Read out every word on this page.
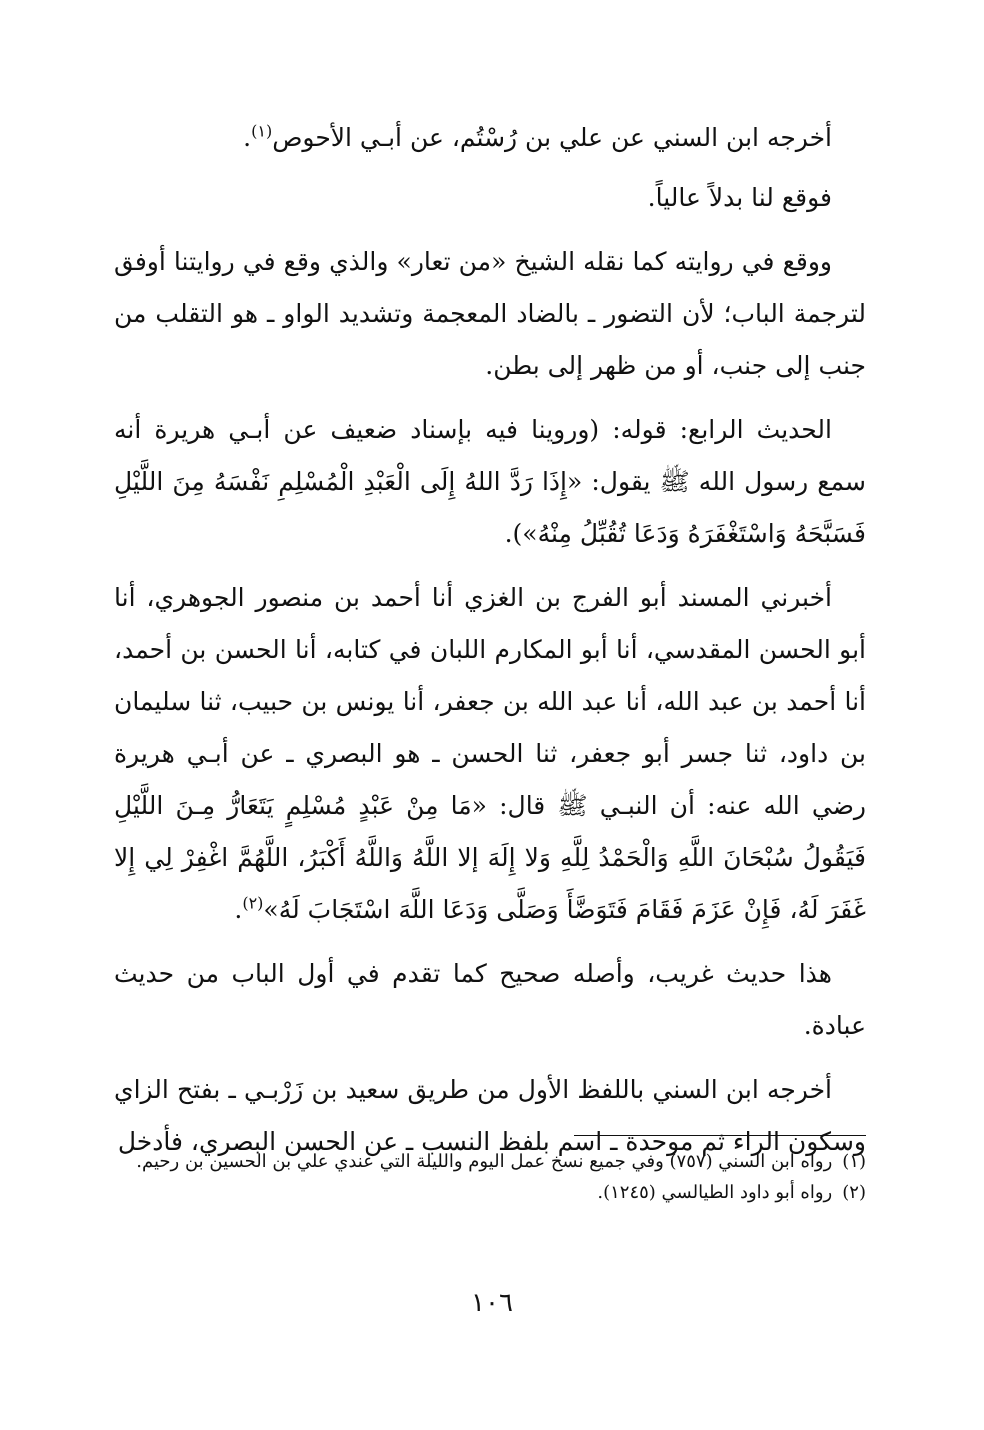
أخرجه ابن السني عن علي بن رُسْتُم، عن أبـي الأحوص$^{(١)}$.

فوقع لنا بدلاً عالياً.

ووقع في روايته كما نقله الشيخ «من تعار» والذي وقع في روايتنا أوفق لترجمة الباب؛ لأن التضور ـ بالضاد المعجمة وتشديد الواو ـ هو التقلب من جنب إلى جنب، أو من ظهر إلى بطن.

الحديث الرابع: قوله: (وروينا فيه بإسناد ضعيف عن أبـي هريرة أنه سمع رسول الله ﷺ يقول: «إِذَا رَدَّ اللهُ إِلَى الْعَبْدِ الْمُسْلِمِ نَفْسَهُ مِنَ اللَّيْلِ فَسَبَّحَهُ وَاسْتَغْفَرَهُ وَدَعَا تُقُبِّلُ مِنْهُ»).

أخبرني المسند أبو الفرج بن الغزي أنا أحمد بن منصور الجوهري، أنا أبو الحسن المقدسي، أنا أبو المكارم اللبان في كتابه، أنا الحسن بن أحمد، أنا أحمد بن عبد الله، أنا عبد الله بن جعفر، أنا يونس بن حبيب، ثنا سليمان بن داود، ثنا جسر أبو جعفر، ثنا الحسن ـ هو البصري ـ عن أبـي هريرة رضي الله عنه: أن النبـي ﷺ قال: «مَا مِنْ عَبْدٍ مُسْلِمٍ يَتَعَارُّ مِـنَ اللَّيْلِ فَيَقُولُ سُبْحَانَ اللَّهِ وَالْحَمْدُ لِلَّهِ وَلا إِلَهَ إلا اللَّهُ وَاللَّهُ أَكْبَرُ، اللَّهُمَّ اغْفِرْ لِي إِلا غَفَرَ لَهُ، فَإِنْ عَزَمَ فَقَامَ فَتَوَضَّأَ وَصَلَّى وَدَعَا اللَّهَ اسْتَجَابَ لَهُ»$^{(٢)}$.

هذا حديث غريب، وأصله صحيح كما تقدم في أول الباب من حديث عبادة.

أخرجه ابن السني باللفظ الأول من طريق سعيد بن زَرْبـي ـ بفتح الزاي وسكون الراء ثم موحدة ـ اسم بلفظ النسب ـ عن الحسن البصري، فأدخل

(١)رواه ابن السني (٧٥٧) وفي جميع نسخ عمل اليوم والليلة التي عندي علي بن الحسين بن رحيم.

(٢)رواه أبو داود الطيالسي (١٢٤٥).

١٠٦
